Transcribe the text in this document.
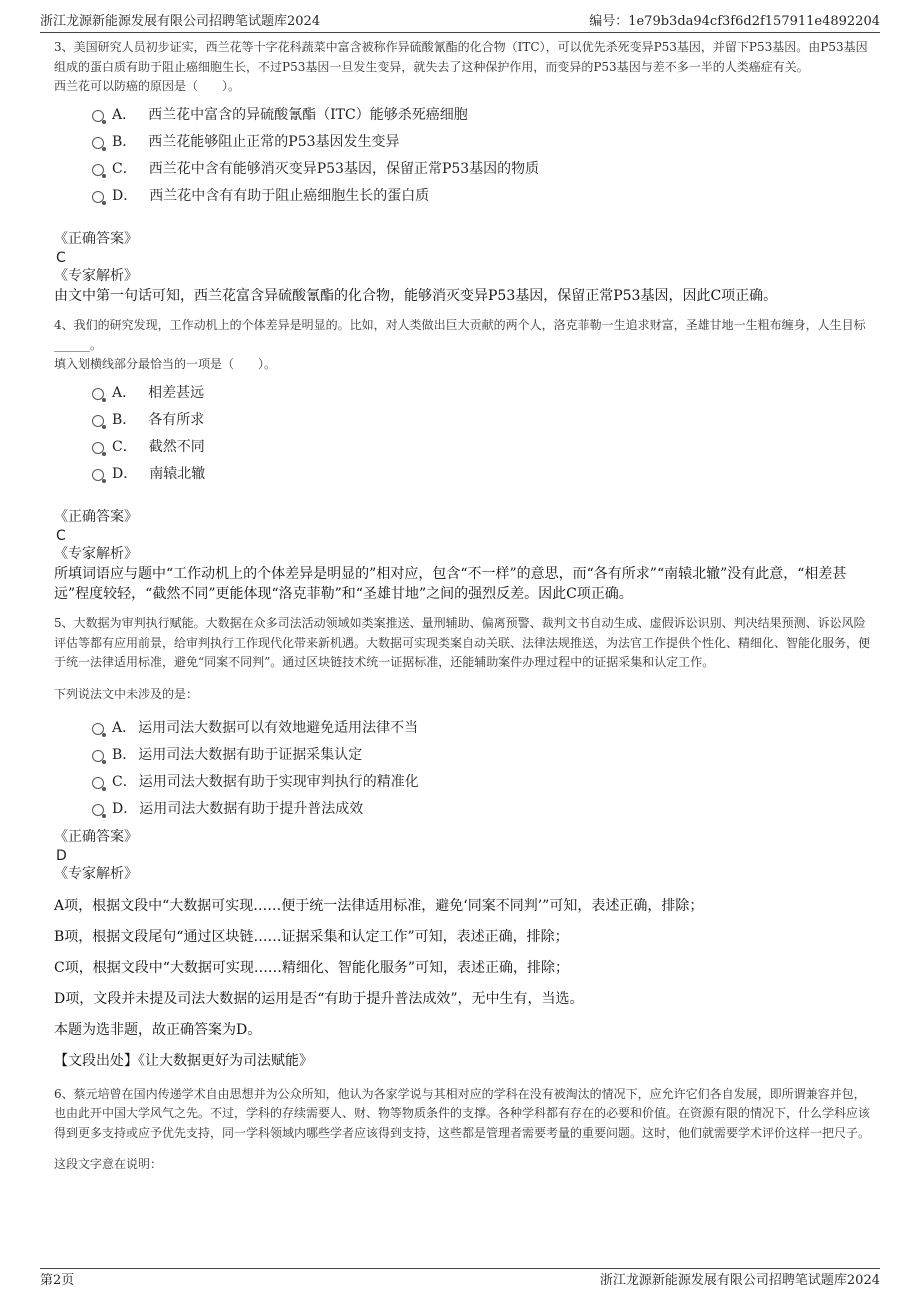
浙江龙源新能源发展有限公司招聘笔试题库2024	编号：1e79b3da94cf3f6d2f157911e4892204

3、美国研究人员初步证实，西兰花等十字花科蔬菜中富含被称作异硫酸氰酯的化合物（ITC），可以优先杀死变异P53基因，并留下P53基因。由P53基因组成的蛋白质有助于阻止癌细胞生长，不过P53基因一旦发生变异，就失去了这种保护作用，而变异的P53基因与差不多一半的人类癌症有关。

西兰花可以防癌的原因是（　　）。

A． 西兰花中富含的异硫酸氰酯（ITC）能够杀死癌细胞
B． 西兰花能够阻止正常的P53基因发生变异
C． 西兰花中含有能够消灭变异P53基因，保留正常P53基因的物质
D． 西兰花中含有有助于阻止癌细胞生长的蛋白质

《正确答案》

C

《专家解析》

由文中第一句话可知，西兰花富含异硫酸氰酯的化合物，能够消灭变异P53基因，保留正常P53基因，因此C项正确。

4、我们的研究发现，工作动机上的个体差异是明显的。比如，对人类做出巨大贡献的两个人，洛克菲勒一生追求财富，圣雄甘地一生粗布缠身，人生目标______。

填入划横线部分最恰当的一项是（　　）。

A． 相差甚远
B． 各有所求
C． 截然不同
D． 南辕北辙

《正确答案》

C

《专家解析》

所填词语应与题中“工作动机上的个体差异是明显的”相对应，包含“不一样”的意思，而“各有所求”“南辕北辙”没有此意，“相差甚远”程度较轻，“截然不同”更能体现“洛克菲勒”和“圣雄甘地”之间的强烈反差。因此C项正确。

5、大数据为审判执行赋能。大数据在众多司法活动领域如类案推送、量刑辅助、偏离预警、裁判文书自动生成、虚假诉讼识别、判决结果预测、诉讼风险评估等都有应用前景，给审判执行工作现代化带来新机遇。大数据可实现类案自动关联、法律法规推送，为法官工作提供个性化、精细化、智能化服务，便于统一法律适用标准，避免“同案不同判”。通过区块链技术统一证据标准，还能辅助案件办理过程中的证据采集和认定工作。

下列说法文中未涉及的是：

A． 运用司法大数据可以有效地避免适用法律不当
B． 运用司法大数据有助于证据采集认定
C． 运用司法大数据有助于实现审判执行的精准化
D． 运用司法大数据有助于提升普法成效

《正确答案》

D

《专家解析》

A项，根据文段中“大数据可实现……便于统一法律适用标准，避免‘同案不同判’”可知，表述正确，排除；

B项，根据文段尾句“通过区块链……证据采集和认定工作”可知，表述正确，排除；

C项，根据文段中“大数据可实现……精细化、智能化服务”可知，表述正确，排除；

D项，文段并未提及司法大数据的运用是否“有助于提升普法成效”，无中生有，当选。

本题为选非题，故正确答案为D。

【文段出处】《让大数据更好为司法赋能》

6、蔡元培曾在国内传递学术自由思想并为公众所知，他认为各家学说与其相对应的学科在没有被淘汰的情况下，应允许它们各自发展，即所谓兼容并包，也由此开中国大学风气之先。不过，学科的存续需要人、财、物等物质条件的支撑。各种学科都有存在的必要和价值。在资源有限的情况下，什么学科应该得到更多支持或应予优先支持，同一学科领域内哪些学者应该得到支持，这些都是管理者需要考量的重要问题。这时，他们就需要学术评价这样一把尺子。

这段文字意在说明：

第2页	浙江龙源新能源发展有限公司招聘笔试题库2024
